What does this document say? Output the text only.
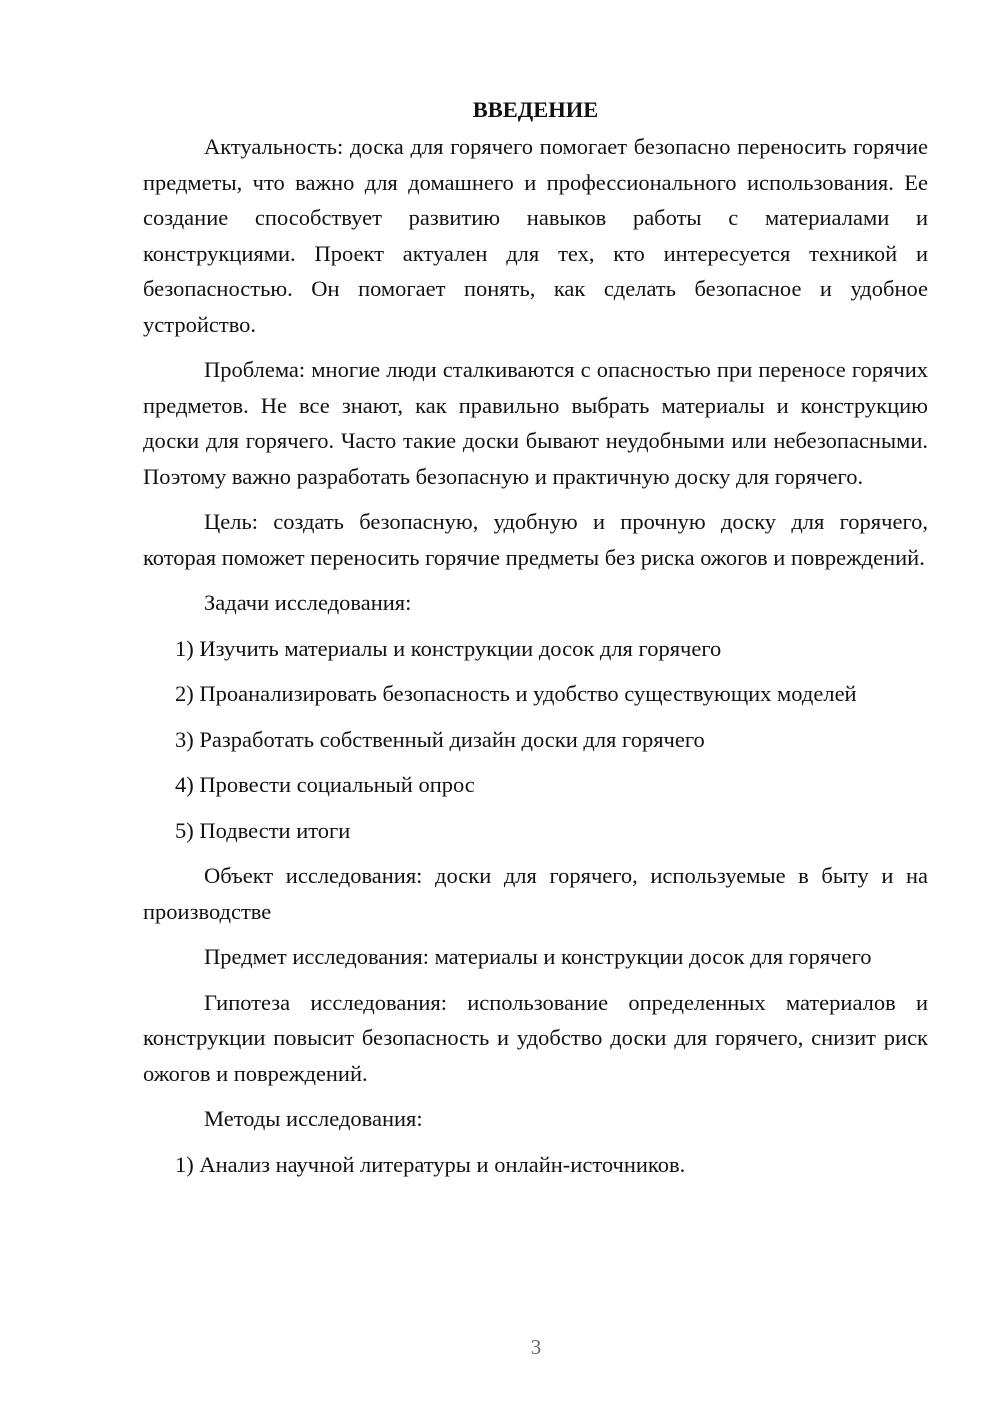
ВВЕДЕНИЕ

Актуальность: доска для горячего помогает безопасно переносить горячие предметы, что важно для домашнего и профессионального использования. Ее создание способствует развитию навыков работы с материалами и конструкциями. Проект актуален для тех, кто интересуется техникой и безопасностью. Он помогает понять, как сделать безопасное и удобное устройство.

Проблема: многие люди сталкиваются с опасностью при переносе горячих предметов. Не все знают, как правильно выбрать материалы и конструкцию доски для горячего. Часто такие доски бывают неудобными или небезопасными. Поэтому важно разработать безопасную и практичную доску для горячего.

Цель: создать безопасную, удобную и прочную доску для горячего, которая поможет переносить горячие предметы без риска ожогов и повреждений.

Задачи исследования:

1) Изучить материалы и конструкции досок для горячего

2) Проанализировать безопасность и удобство существующих моделей

3) Разработать собственный дизайн доски для горячего

4) Провести социальный опрос

5) Подвести итоги

Объект исследования: доски для горячего, используемые в быту и на производстве

Предмет исследования: материалы и конструкции досок для горячего

Гипотеза исследования: использование определенных материалов и конструкции повысит безопасность и удобство доски для горячего, снизит риск ожогов и повреждений.

Методы исследования:

1) Анализ научной литературы и онлайн-источников.

3
